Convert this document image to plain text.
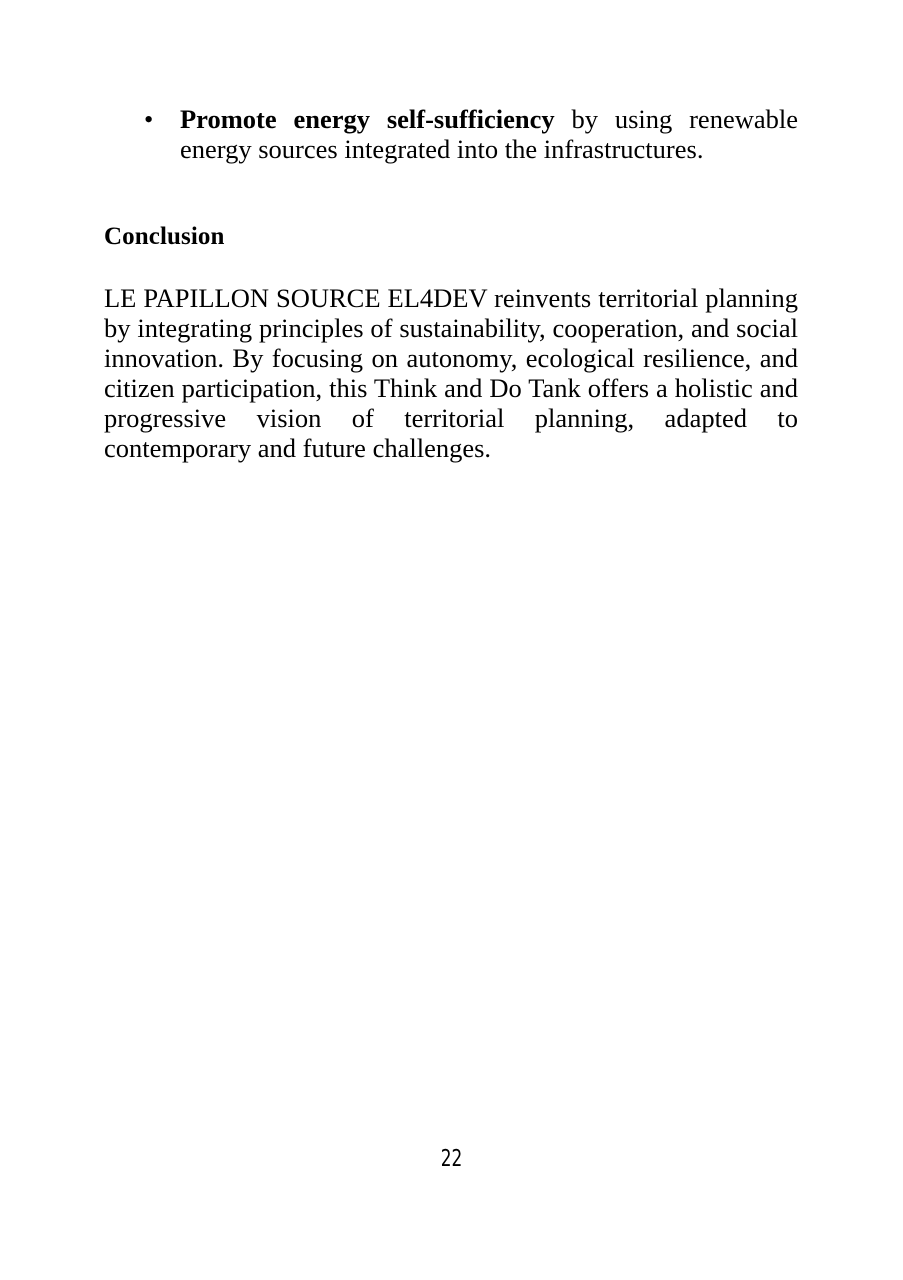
• Promote energy self-sufficiency by using renewable energy sources integrated into the infrastructures.
Conclusion

LE PAPILLON SOURCE EL4DEV reinvents territorial planning by integrating principles of sustainability, cooperation, and social innovation. By focusing on autonomy, ecological resilience, and citizen participation, this Think and Do Tank offers a holistic and progressive vision of territorial planning, adapted to contemporary and future challenges.

22
